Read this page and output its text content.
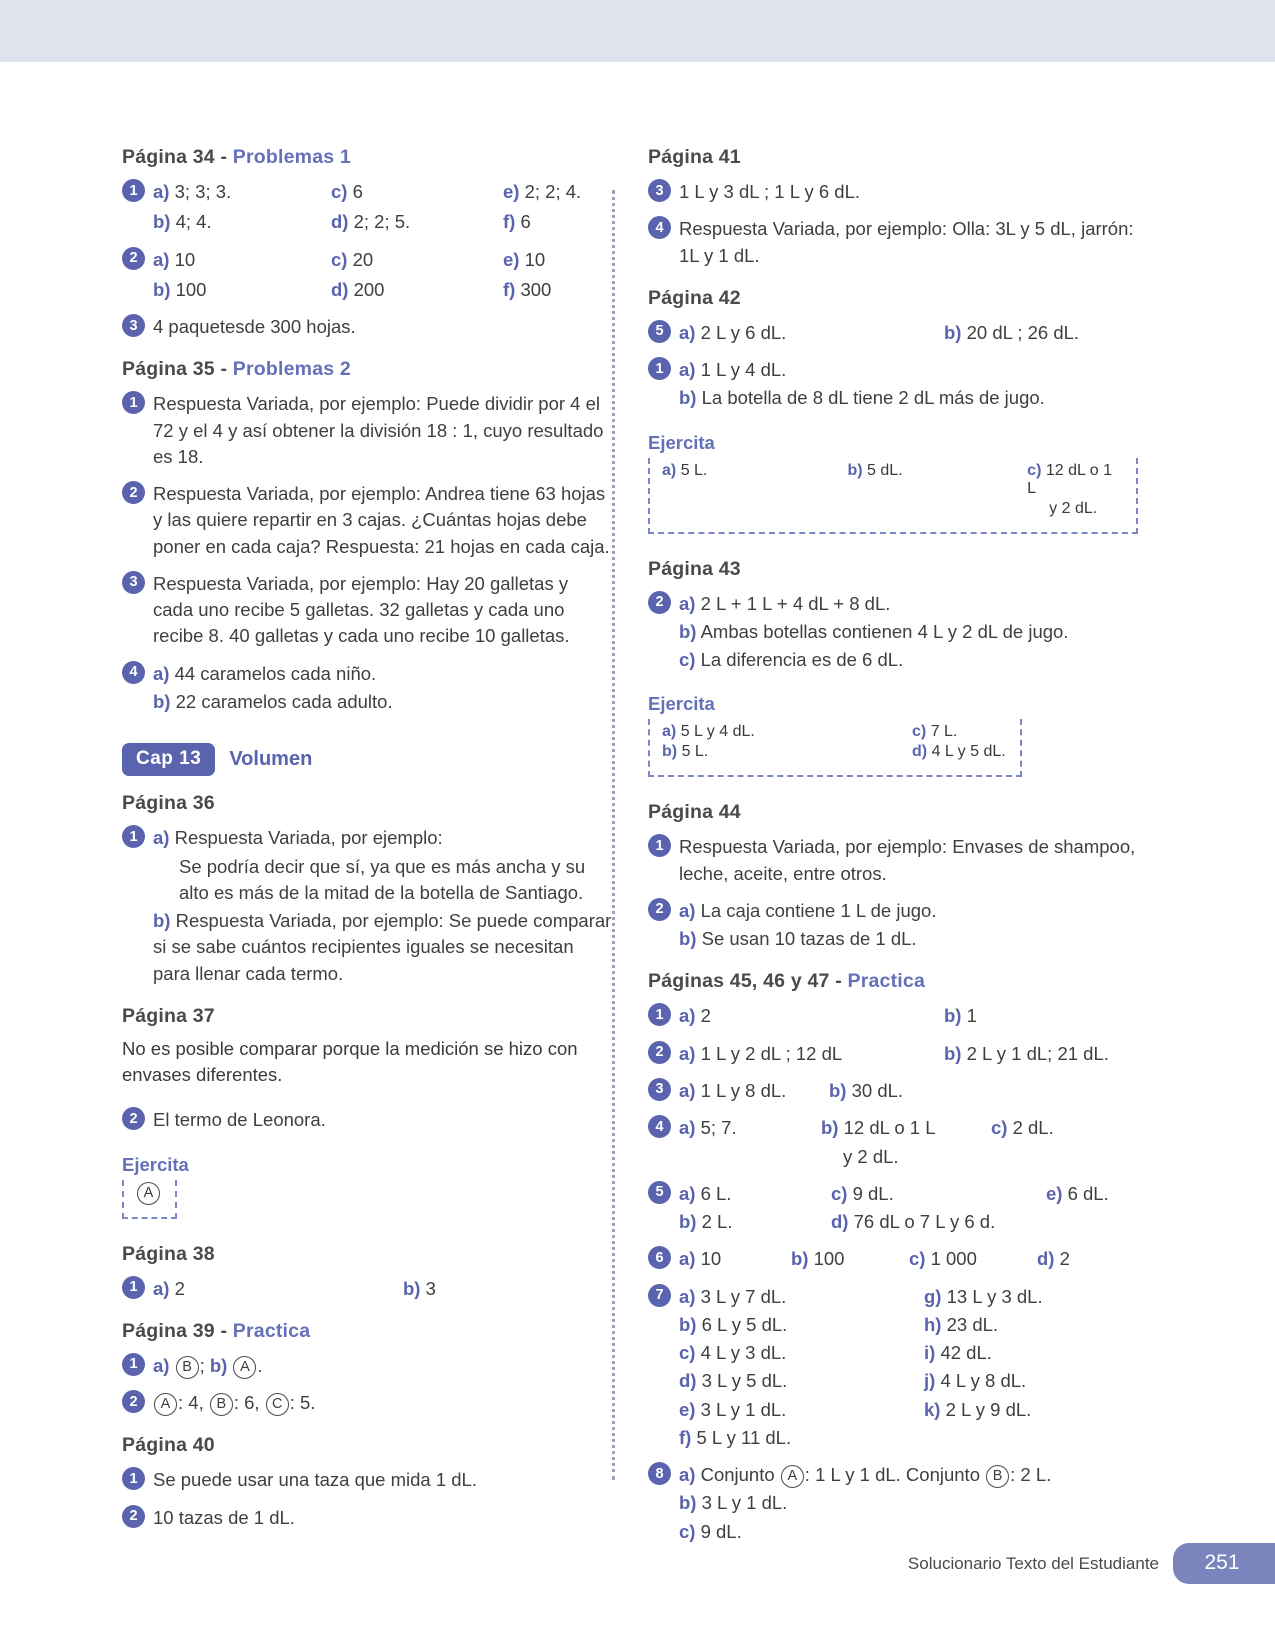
Página 34 - Problemas 1
1 a) 3; 3; 3.	c) 6	e) 2; 2; 4.
b) 4; 4.	d) 2; 2; 5.	f) 6
2 a) 10	c) 20	e) 10
b) 100	d) 200	f) 300
3 4 paquetesde 300 hojas.
Página 35 - Problemas 2
1 Respuesta Variada, por ejemplo: Puede dividir por 4 el 72 y el 4 y así obtener la división 18 : 1, cuyo resultado es 18.
2 Respuesta Variada, por ejemplo: Andrea tiene 63 hojas y las quiere repartir en 3 cajas. ¿Cuántas hojas debe poner en cada caja? Respuesta: 21 hojas en cada caja.
3 Respuesta Variada, por ejemplo: Hay 20 galletas y cada uno recibe 5 galletas. 32 galletas y cada uno recibe 8. 40 galletas y cada uno recibe 10 galletas.
4 a) 44 caramelos cada niño.
b) 22 caramelos cada adulto.
Cap 13	Volumen
Página 36
1 a) Respuesta Variada, por ejemplo:
Se podría decir que sí, ya que es más ancha y su alto es más de la mitad de la botella de Santiago.
b) Respuesta Variada, por ejemplo: Se puede comparar si se sabe cuántos recipientes iguales se necesitan para llenar cada termo.
Página 37
No es posible comparar porque la medición se hizo con envases diferentes.
2 El termo de Leonora.
Ejercita
A
Página 38
1 a) 2	b) 3
Página 39 - Practica
1 a) B ; b) A .
2	A : 4, B : 6, C : 5.
Página 40
1 Se puede usar una taza que mida 1 dL.
2 10 tazas de 1 dL.
Página 41
3 1 L y 3 dL ; 1 L y 6 dL.
4 Respuesta Variada, por ejemplo: Olla: 3L y 5 dL, jarrón: 1L y 1 dL.
Página 42
5 a) 2 L y 6 dL.	b) 20 dL ; 26 dL.
1 a) 1 L y 4 dL.
b) La botella de 8 dL tiene 2 dL más de jugo.
Ejercita
a) 5 L.	b) 5 dL.	c) 12 dL o 1 L
y 2 dL.
Página 43
2 a) 2 L + 1 L + 4 dL + 8 dL.
b) Ambas botellas contienen 4 L y 2 dL de jugo.
c) La diferencia es de 6 dL.
Ejercita
a) 5 L y 4 dL.
b) 5 L.
c) 7 L.
d) 4 L y 5 dL.
Página 44
1 Respuesta Variada, por ejemplo: Envases de shampoo, leche, aceite, entre otros.
2 a) La caja contiene 1 L de jugo.
b) Se usan 10 tazas de 1 dL.
Páginas 45, 46 y 47 - Practica
1 a) 2	b) 1
2 a) 1 L y 2 dL ; 12 dL	b) 2 L y 1 dL; 21 dL.
3 a) 1 L y 8 dL.	b) 30 dL.
4 a) 5; 7.	b) 12 dL o 1 L
y 2 dL.
c) 2 dL.
5 a) 6 L.
b) 2 L.
c) 9 dL.
d) 76 dL o 7 L y 6 d.
e) 6 dL.
6 a) 10	b) 100	c) 1 000	d) 2
7 a) 3 L y 7 dL.
b) 6 L y 5 dL.
c) 4 L y 3 dL.
d) 3 L y 5 dL.
e) 3 L y 1 dL.
f) 5 L y 11 dL.
g) 13 L y 3 dL.
h) 23 dL.
i) 42 dL.
j) 4 L y 8 dL.
k) 2 L y 9 dL.
8 a) Conjunto A : 1 L y 1 dL. Conjunto B : 2 L.
b) 3 L y 1 dL.
c) 9 dL.
Solucionario Texto del Estudiante	251
